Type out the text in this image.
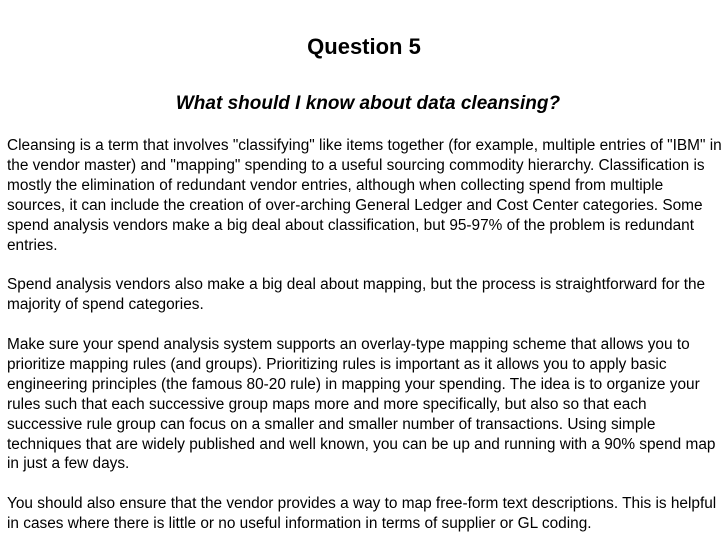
Question 5
What should I know about data cleansing?

Cleansing is a term that involves "classifying" like items together (for example, multiple entries of "IBM" in the vendor master) and "mapping" spending to a useful sourcing commodity hierarchy. Classification is mostly the elimination of redundant vendor entries, although when collecting spend from multiple sources, it can include the creation of over-arching General Ledger and Cost Center categories. Some spend analysis vendors make a big deal about classification, but 95-97% of the problem is redundant entries.

Spend analysis vendors also make a big deal about mapping, but the process is straightforward for the majority of spend categories.

Make sure your spend analysis system supports an overlay-type mapping scheme that allows you to prioritize mapping rules (and groups). Prioritizing rules is important as it allows you to apply basic engineering principles (the famous 80-20 rule) in mapping your spending. The idea is to organize your rules such that each successive group maps more and more specifically, but also so that each successive rule group can focus on a smaller and smaller number of transactions. Using simple techniques that are widely published and well known, you can be up and running with a 90% spend map in just a few days.

You should also ensure that the vendor provides a way to map free-form text descriptions. This is helpful in cases where there is little or no useful information in terms of supplier or GL coding.
